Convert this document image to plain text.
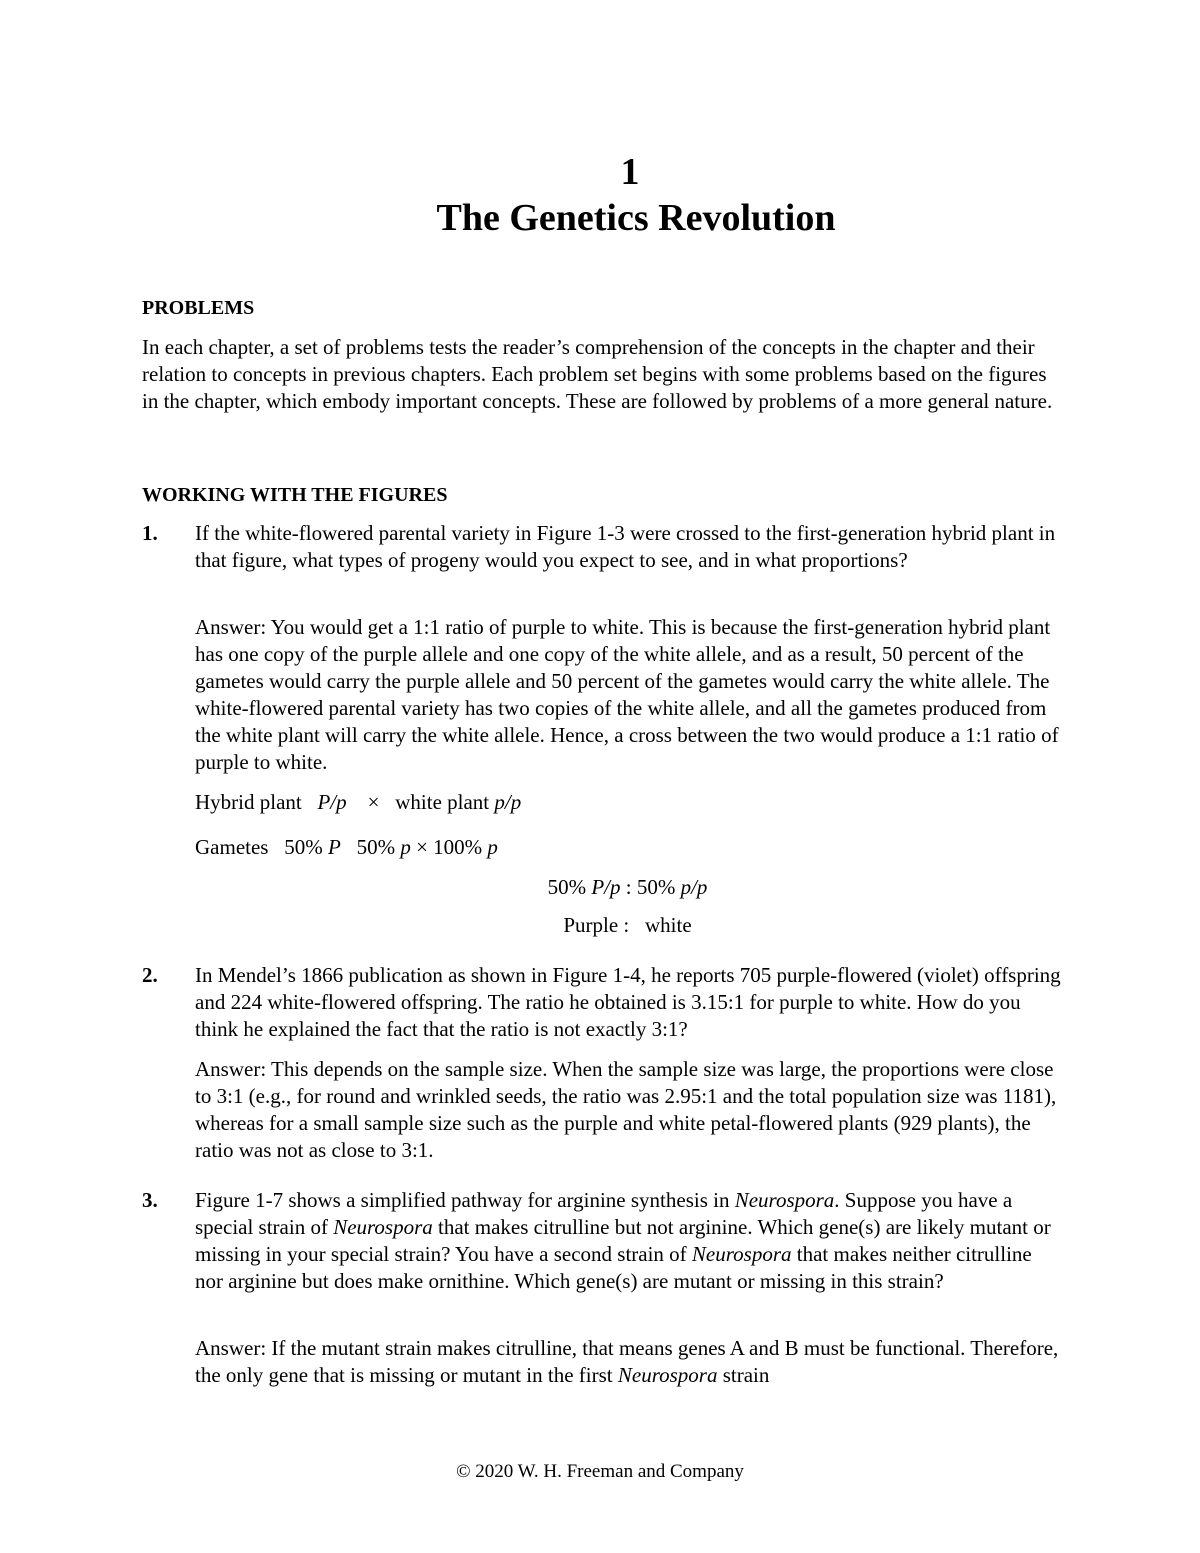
1
The Genetics Revolution
PROBLEMS

In each chapter, a set of problems tests the reader’s comprehension of the concepts in the chapter and their relation to concepts in previous chapters. Each problem set begins with some problems based on the figures in the chapter, which embody important concepts. These are followed by problems of a more general nature.

WORKING WITH THE FIGURES
1. If the white-flowered parental variety in Figure 1-3 were crossed to the first-generation hybrid plant in that figure, what types of progeny would you expect to see, and in what proportions?

Answer: You would get a 1:1 ratio of purple to white. This is because the first-generation hybrid plant has one copy of the purple allele and one copy of the white allele, and as a result, 50 percent of the gametes would carry the purple allele and 50 percent of the gametes would carry the white allele. The white-flowered parental variety has two copies of the white allele, and all the gametes produced from the white plant will carry the white allele. Hence, a cross between the two would produce a 1:1 ratio of purple to white.

Hybrid plant P/p × white plant p/p
Gametes 50% P 50% p × 100% p
50% P/p : 50% p/p
Purple : white
2. In Mendel’s 1866 publication as shown in Figure 1-4, he reports 705 purple-flowered (violet) offspring and 224 white-flowered offspring. The ratio he obtained is 3.15:1 for purple to white. How do you think he explained the fact that the ratio is not exactly 3:1?

Answer: This depends on the sample size. When the sample size was large, the proportions were close to 3:1 (e.g., for round and wrinkled seeds, the ratio was 2.95:1 and the total population size was 1181), whereas for a small sample size such as the purple and white petal-flowered plants (929 plants), the ratio was not as close to 3:1.

3. Figure 1-7 shows a simplified pathway for arginine synthesis in Neurospora. Suppose you have a special strain of Neurospora that makes citrulline but not arginine. Which gene(s) are likely mutant or missing in your special strain? You have a second strain of Neurospora that makes neither citrulline nor arginine but does make ornithine. Which gene(s) are mutant or missing in this strain?

Answer: If the mutant strain makes citrulline, that means genes A and B must be functional. Therefore, the only gene that is missing or mutant in the first Neurospora strain

© 2020 W. H. Freeman and Company
